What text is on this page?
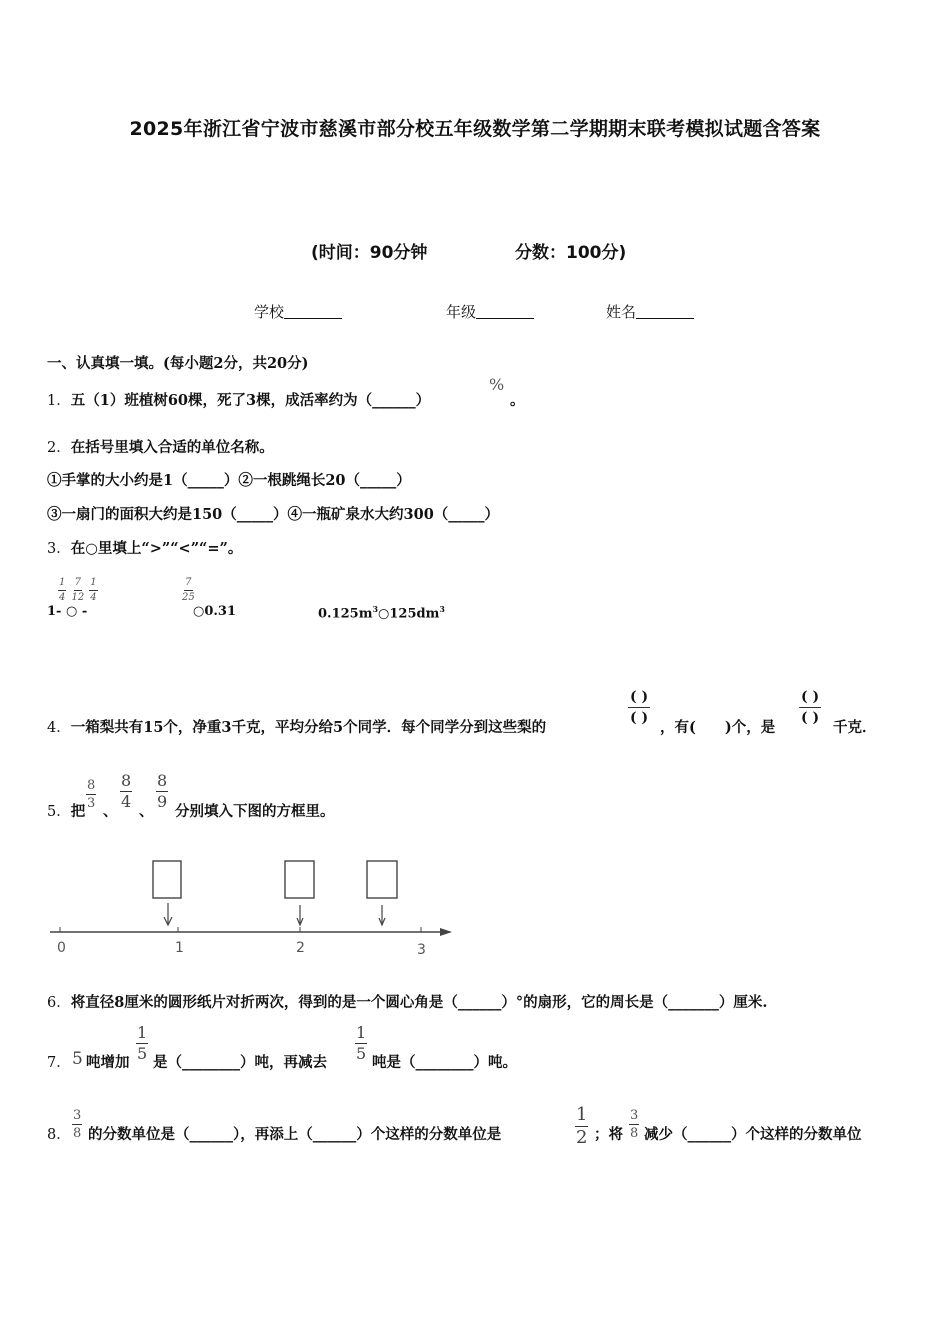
2025年浙江省宁波市慈溪市部分校五年级数学第二学期期末联考模拟试题含答案
(时间：90分钟	分数：100分)
学校	年级	姓名
一、认真填一填。(每小题2分，共20分)
1．五（1）班植树60棵，死了3棵，成活率约为（______）
%
。
2．在括号里填入合适的单位名称。
①手掌的大小约是1（_____）②一根跳绳长20（_____）
③一扇门的面积大约是150（_____）④一瓶矿泉水大约300（_____）
3．在○里填上“>”“<”“=”。
$\frac{1}{4}$
$\frac{7}{12}$
$\frac{1}{4}$	$\frac{7}{25}$
1- ○ -	○0.31	$0.125m^3○125dm^3$
4．一箱梨共有15个，净重3千克，平均分给5个同学．每个同学分到这些梨的
$\frac{( )}{( )}$
，有(　　)个，是
$\frac{( )}{( )}$
千克．
5．把
$\frac{8}{3}$
、
$\frac{8}{4}$
、
$\frac{8}{9}$
分别填入下图的方框里。
0	1	2	3
6．将直径8厘米的圆形纸片对折两次，得到的是一个圆心角是（______）°的扇形，它的周长是（_______）厘米.
7． 5 吨增加
$\frac{1}{5}$
是（________）吨，再减去
$\frac{1}{5}$
吨是（________）吨。
8． $\frac{3}{8}$ 的分数单位是（______），再添上（______）个这样的分数单位是	$\frac{1}{2}$ ；将 $\frac{3}{8}$ 减少（______）个这样的分数单位
